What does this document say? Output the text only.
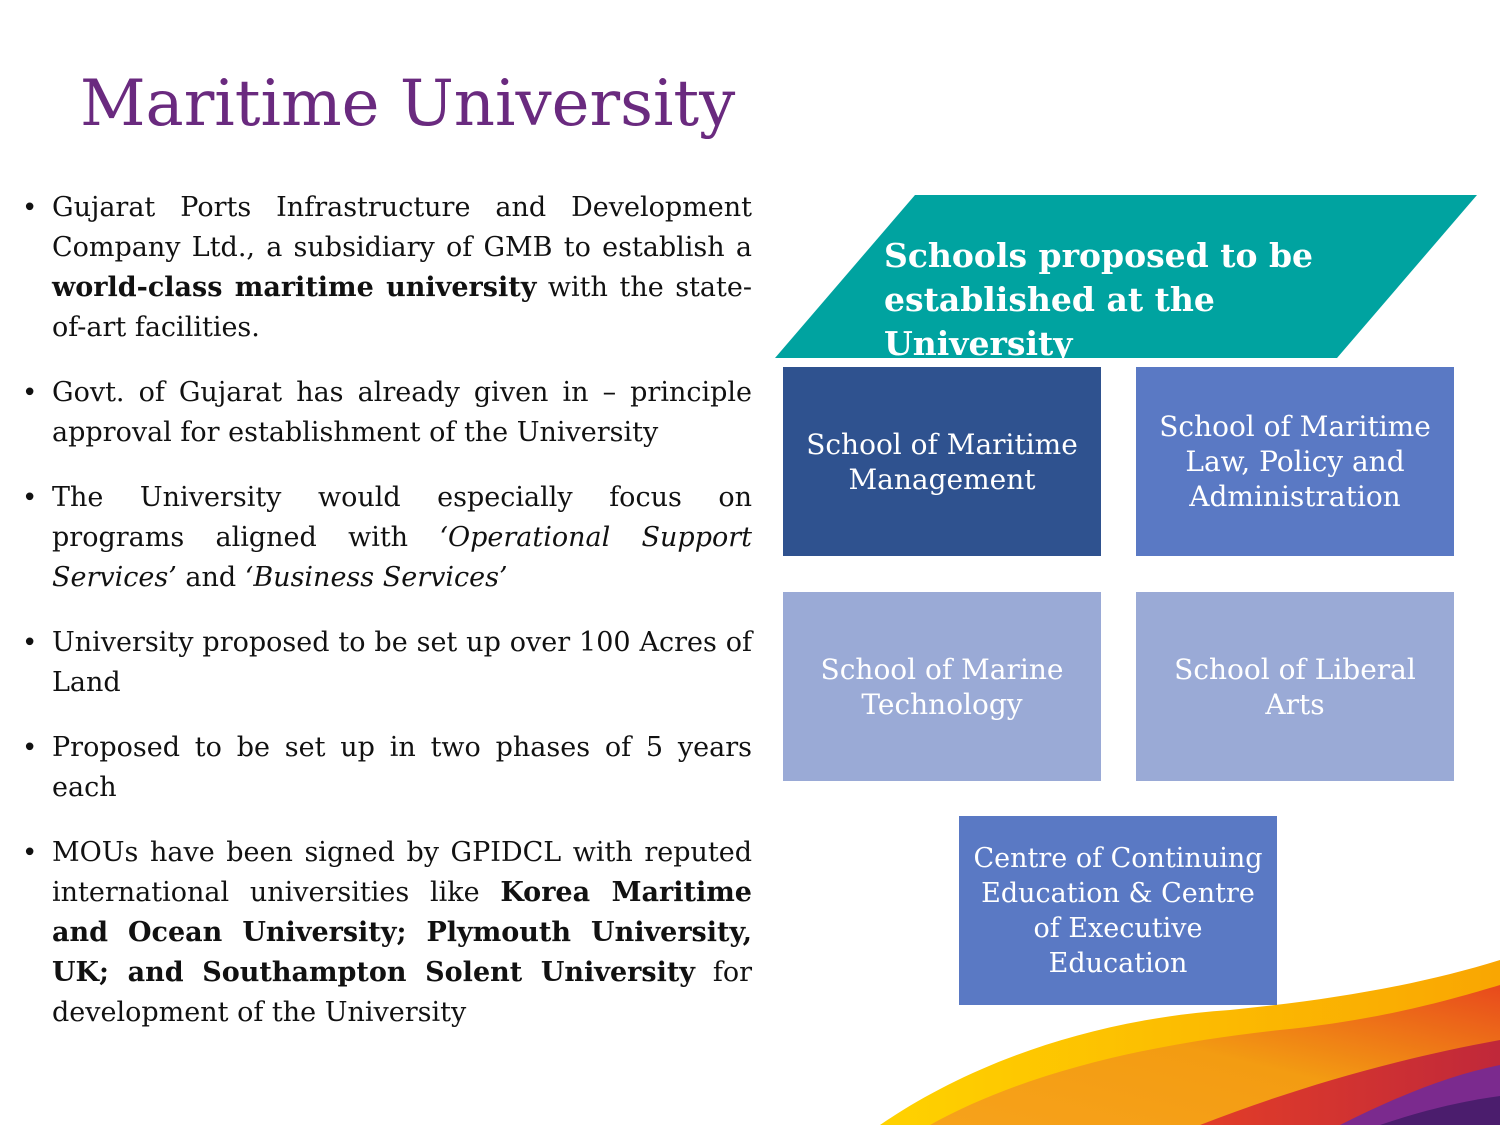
Maritime University
• Gujarat Ports Infrastructure and Development Company Ltd., a subsidiary of GMB to establish a world-class maritime university with the state-of-art facilities.
• Govt. of Gujarat has already given in – principle approval for establishment of the University
• The University would especially focus on programs aligned with ‘Operational Support Services’ and ‘Business Services’
• University proposed to be set up over 100 Acres of Land
• Proposed to be set up in two phases of 5 years each
• MOUs have been signed by GPIDCL with reputed international universities like Korea Maritime and Ocean University; Plymouth University, UK; and Southampton Solent University for development of the University
Schools proposed to be established at the University
School of Maritime Management
School of Maritime Law, Policy and Administration
School of Marine Technology
School of Liberal Arts
Centre of Continuing Education & Centre of Executive Education
